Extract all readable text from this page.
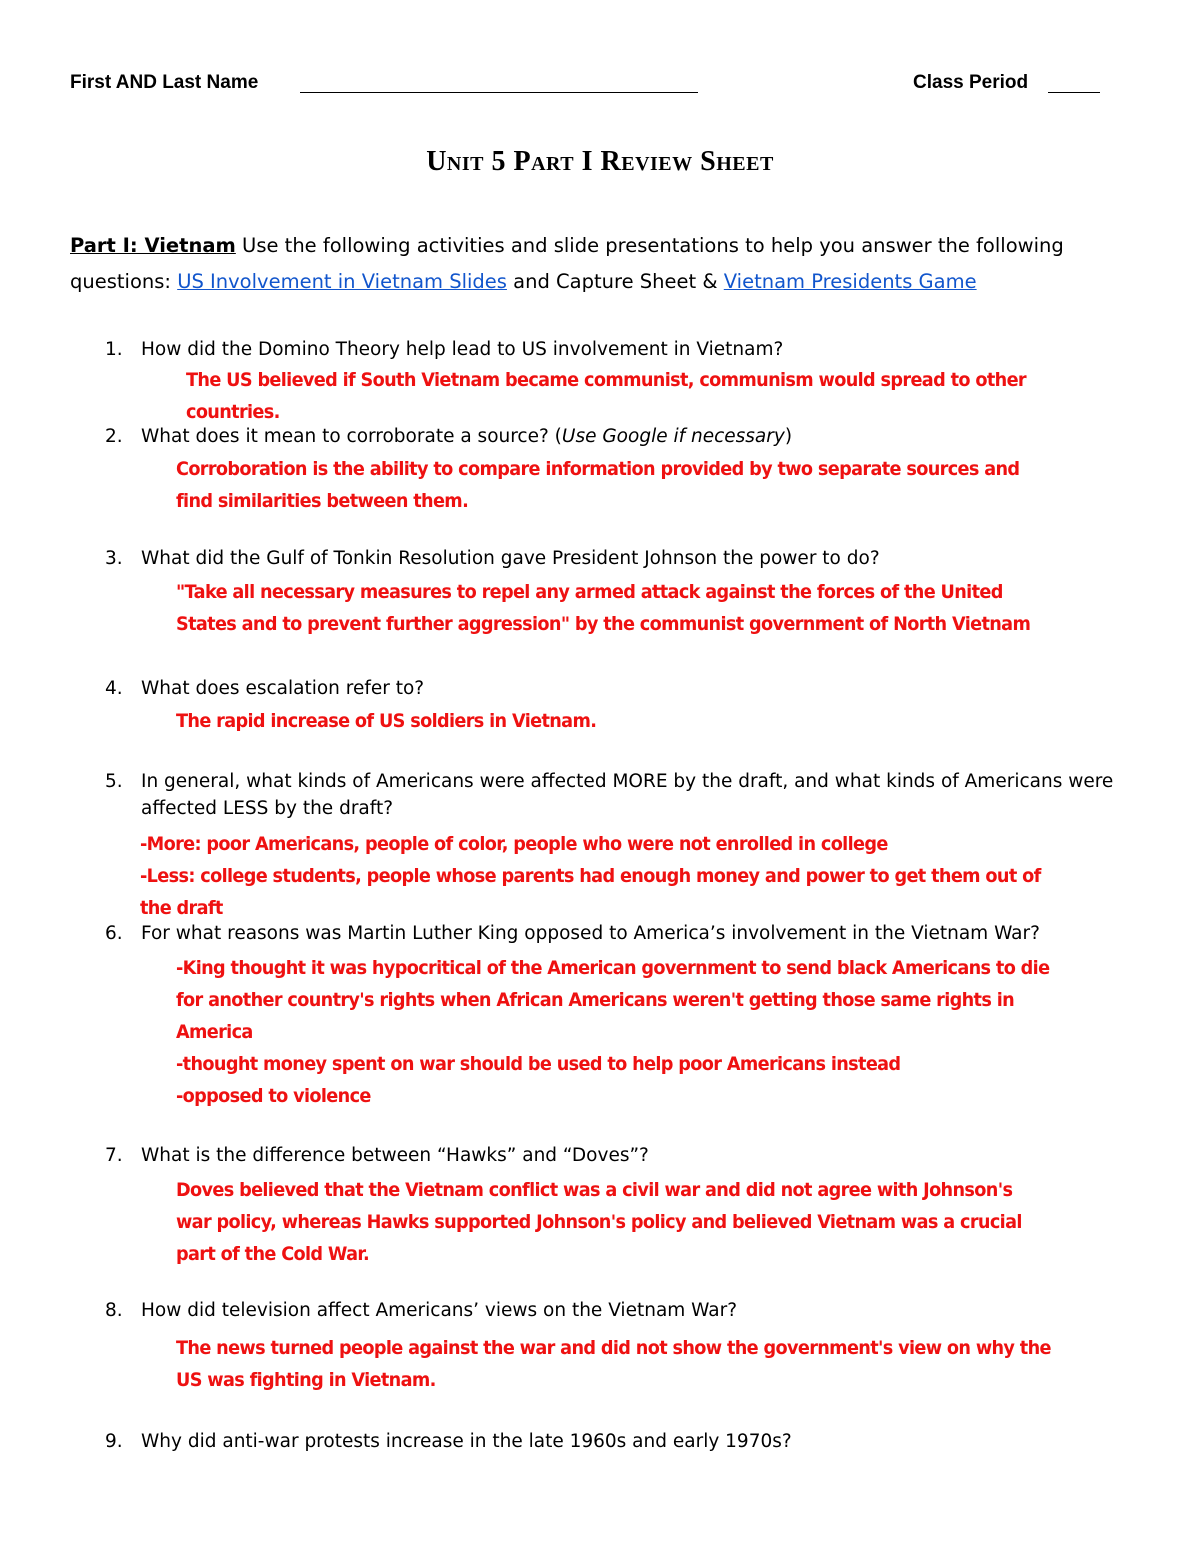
First AND Last Name	Class Period
Unit 5 Part I Review Sheet
Part I: Vietnam Use the following activities and slide presentations to help you answer the following questions: US Involvement in Vietnam Slides and Capture Sheet & Vietnam Presidents Game
1. How did the Domino Theory help lead to US involvement in Vietnam?
The US believed if South Vietnam became communist, communism would spread to other countries.
2. What does it mean to corroborate a source? (Use Google if necessary)
Corroboration is the ability to compare information provided by two separate sources and
find similarities between them.
3. What did the Gulf of Tonkin Resolution gave President Johnson the power to do?
"Take all necessary measures to repel any armed attack against the forces of the United
States and to prevent further aggression" by the communist government of North Vietnam
4. What does escalation refer to?
The rapid increase of US soldiers in Vietnam.
5. In general, what kinds of Americans were affected MORE by the draft, and what kinds of Americans were affected LESS by the draft?
-More: poor Americans, people of color, people who were not enrolled in college
-Less: college students, people whose parents had enough money and power to get them out of the draft
6. For what reasons was Martin Luther King opposed to America’s involvement in the Vietnam War?
-King thought it was hypocritical of the American government to send black Americans to die
for another country's rights when African Americans weren't getting those same rights in
America
-thought money spent on war should be used to help poor Americans instead
-opposed to violence
7. What is the difference between “Hawks” and “Doves”?
Doves believed that the Vietnam conflict was a civil war and did not agree with Johnson's
war policy, whereas Hawks supported Johnson's policy and believed Vietnam was a crucial
part of the Cold War.
8. How did television affect Americans’ views on the Vietnam War?
The news turned people against the war and did not show the government's view on why the
US was fighting in Vietnam.
9. Why did anti-war protests increase in the late 1960s and early 1970s?
